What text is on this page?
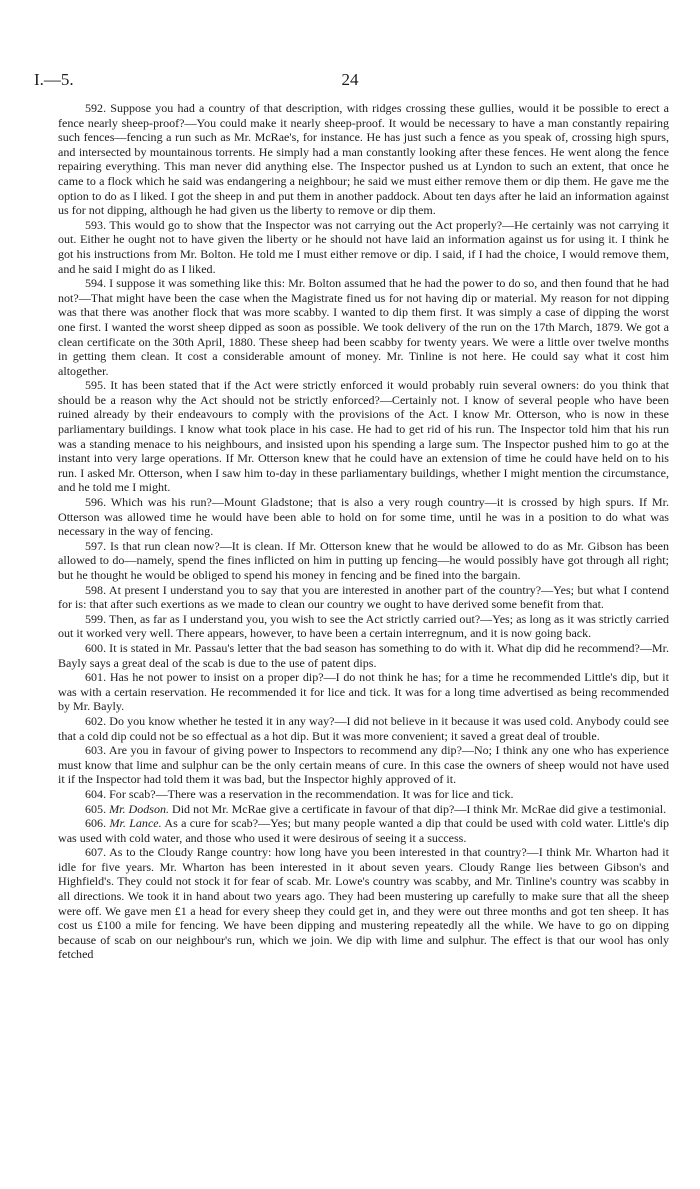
I.—5.	24

592. Suppose you had a country of that description, with ridges crossing these gullies, would it be possible to erect a fence nearly sheep-proof?—You could make it nearly sheep-proof. It would be necessary to have a man constantly repairing such fences—fencing a run such as Mr. McRae's, for instance. He has just such a fence as you speak of, crossing high spurs, and intersected by mountainous torrents. He simply had a man constantly looking after these fences. He went along the fence repairing everything. This man never did anything else. The Inspector pushed us at Lyndon to such an extent, that once he came to a flock which he said was endangering a neighbour; he said we must either remove them or dip them. He gave me the option to do as I liked. I got the sheep in and put them in another paddock. About ten days after he laid an information against us for not dipping, although he had given us the liberty to remove or dip them.

593. This would go to show that the Inspector was not carrying out the Act properly?—He certainly was not carrying it out. Either he ought not to have given the liberty or he should not have laid an information against us for using it. I think he got his instructions from Mr. Bolton. He told me I must either remove or dip. I said, if I had the choice, I would remove them, and he said I might do as I liked.

594. I suppose it was something like this: Mr. Bolton assumed that he had the power to do so, and then found that he had not?—That might have been the case when the Magistrate fined us for not having dip or material. My reason for not dipping was that there was another flock that was more scabby. I wanted to dip them first. It was simply a case of dipping the worst one first. I wanted the worst sheep dipped as soon as possible. We took delivery of the run on the 17th March, 1879. We got a clean certificate on the 30th April, 1880. These sheep had been scabby for twenty years. We were a little over twelve months in getting them clean. It cost a considerable amount of money. Mr. Tinline is not here. He could say what it cost him altogether.

595. It has been stated that if the Act were strictly enforced it would probably ruin several owners: do you think that should be a reason why the Act should not be strictly enforced?—Certainly not. I know of several people who have been ruined already by their endeavours to comply with the provisions of the Act. I know Mr. Otterson, who is now in these parliamentary buildings. I know what took place in his case. He had to get rid of his run. The Inspector told him that his run was a standing menace to his neighbours, and insisted upon his spending a large sum. The Inspector pushed him to go at the instant into very large operations. If Mr. Otterson knew that he could have an extension of time he could have held on to his run. I asked Mr. Otterson, when I saw him to-day in these parliamentary buildings, whether I might mention the circumstance, and he told me I might.

596. Which was his run?—Mount Gladstone; that is also a very rough country—it is crossed by high spurs. If Mr. Otterson was allowed time he would have been able to hold on for some time, until he was in a position to do what was necessary in the way of fencing.

597. Is that run clean now?—It is clean. If Mr. Otterson knew that he would be allowed to do as Mr. Gibson has been allowed to do—namely, spend the fines inflicted on him in putting up fencing—he would possibly have got through all right; but he thought he would be obliged to spend his money in fencing and be fined into the bargain.

598. At present I understand you to say that you are interested in another part of the country?—Yes; but what I contend for is: that after such exertions as we made to clean our country we ought to have derived some benefit from that.

599. Then, as far as I understand you, you wish to see the Act strictly carried out?—Yes; as long as it was strictly carried out it worked very well. There appears, however, to have been a certain interregnum, and it is now going back.

600. It is stated in Mr. Passau's letter that the bad season has something to do with it. What dip did he recommend?—Mr. Bayly says a great deal of the scab is due to the use of patent dips.

601. Has he not power to insist on a proper dip?—I do not think he has; for a time he recommended Little's dip, but it was with a certain reservation. He recommended it for lice and tick. It was for a long time advertised as being recommended by Mr. Bayly.

602. Do you know whether he tested it in any way?—I did not believe in it because it was used cold. Anybody could see that a cold dip could not be so effectual as a hot dip. But it was more convenient; it saved a great deal of trouble.

603. Are you in favour of giving power to Inspectors to recommend any dip?—No; I think any one who has experience must know that lime and sulphur can be the only certain means of cure. In this case the owners of sheep would not have used it if the Inspector had told them it was bad, but the Inspector highly approved of it.

604. For scab?—There was a reservation in the recommendation. It was for lice and tick.

605. Mr. Dodson. Did not Mr. McRae give a certificate in favour of that dip?—I think Mr. McRae did give a testimonial.

606. Mr. Lance. As a cure for scab?—Yes; but many people wanted a dip that could be used with cold water. Little's dip was used with cold water, and those who used it were desirous of seeing it a success.

607. As to the Cloudy Range country: how long have you been interested in that country?—I think Mr. Wharton had it idle for five years. Mr. Wharton has been interested in it about seven years. Cloudy Range lies between Gibson's and Highfield's. They could not stock it for fear of scab. Mr. Lowe's country was scabby, and Mr. Tinline's country was scabby in all directions. We took it in hand about two years ago. They had been mustering up carefully to make sure that all the sheep were off. We gave men £1 a head for every sheep they could get in, and they were out three months and got ten sheep. It has cost us £100 a mile for fencing. We have been dipping and mustering repeatedly all the while. We have to go on dipping because of scab on our neighbour's run, which we join. We dip with lime and sulphur. The effect is that our wool has only fetched
